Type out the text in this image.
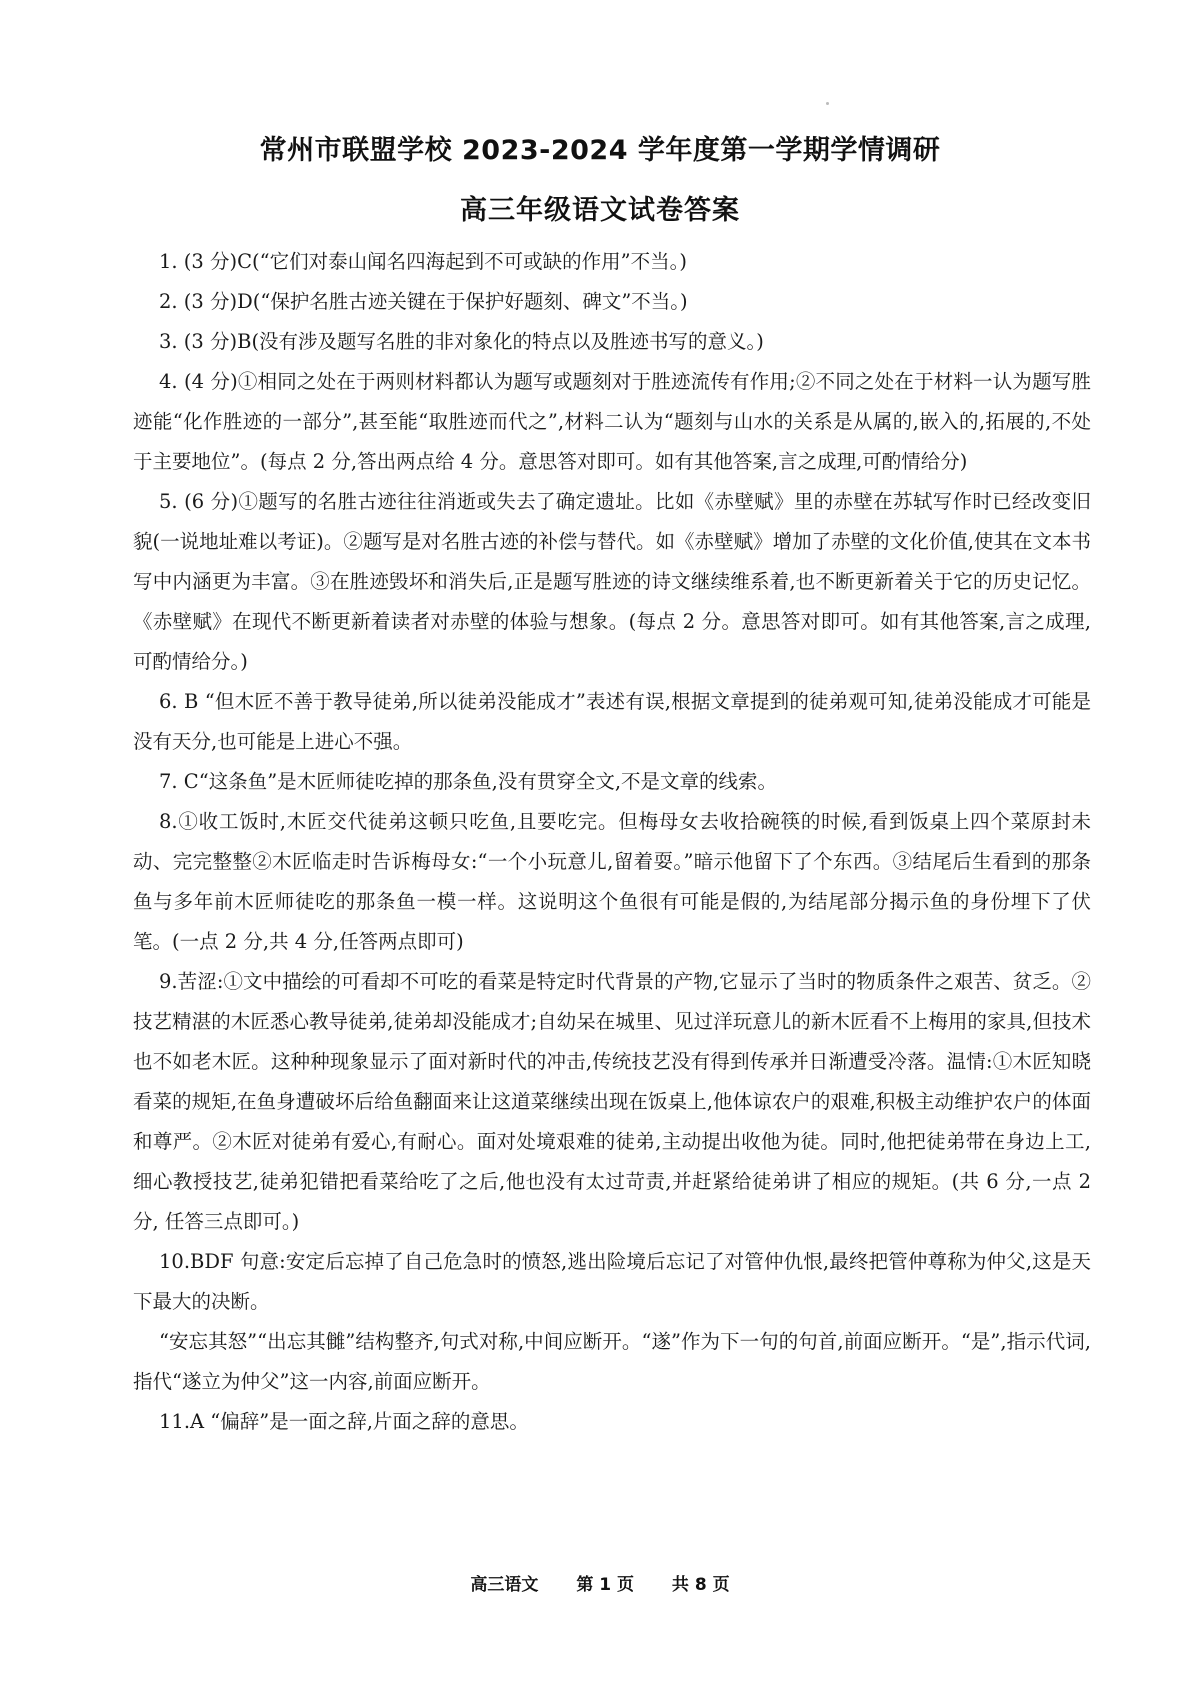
常州市联盟学校 2023-2024 学年度第一学期学情调研
高三年级语文试卷答案

1. (3 分)C(“它们对泰山闻名四海起到不可或缺的作用”不当。)

2. (3 分)D(“保护名胜古迹关键在于保护好题刻、碑文”不当。)

3. (3 分)B(没有涉及题写名胜的非对象化的特点以及胜迹书写的意义。)

4. (4 分)①相同之处在于两则材料都认为题写或题刻对于胜迹流传有作用;②不同之处在于材料一认为题写胜迹能“化作胜迹的一部分”,甚至能“取胜迹而代之”,材料二认为“题刻与山水的关系是从属的,嵌入的,拓展的,不处于主要地位”。(每点 2 分,答出两点给 4 分。意思答对即可。如有其他答案,言之成理,可酌情给分)

5. (6 分)①题写的名胜古迹往往消逝或失去了确定遗址。比如《赤壁赋》里的赤壁在苏轼写作时已经改变旧貌(一说地址难以考证)。②题写是对名胜古迹的补偿与替代。如《赤壁赋》增加了赤壁的文化价值,使其在文本书写中内涵更为丰富。③在胜迹毁坏和消失后,正是题写胜迹的诗文继续维系着,也不断更新着关于它的历史记忆。《赤壁赋》在现代不断更新着读者对赤壁的体验与想象。(每点 2 分。意思答对即可。如有其他答案,言之成理,可酌情给分。)

6. B “但木匠不善于教导徒弟,所以徒弟没能成才”表述有误,根据文章提到的徒弟观可知,徒弟没能成才可能是没有天分,也可能是上进心不强。

7. C“这条鱼”是木匠师徒吃掉的那条鱼,没有贯穿全文,不是文章的线索。

8.①收工饭时,木匠交代徒弟这顿只吃鱼,且要吃完。但梅母女去收拾碗筷的时候,看到饭桌上四个菜原封未动、完完整整②木匠临走时告诉梅母女:“一个小玩意儿,留着耍。”暗示他留下了个东西。③结尾后生看到的那条鱼与多年前木匠师徒吃的那条鱼一模一样。这说明这个鱼很有可能是假的,为结尾部分揭示鱼的身份埋下了伏笔。(一点 2 分,共 4 分,任答两点即可)

9.苦涩:①文中描绘的可看却不可吃的看菜是特定时代背景的产物,它显示了当时的物质条件之艰苦、贫乏。②技艺精湛的木匠悉心教导徒弟,徒弟却没能成才;自幼呆在城里、见过洋玩意儿的新木匠看不上梅用的家具,但技术也不如老木匠。这种种现象显示了面对新时代的冲击,传统技艺没有得到传承并日渐遭受冷落。温情:①木匠知晓看菜的规矩,在鱼身遭破坏后给鱼翻面来让这道菜继续出现在饭桌上,他体谅农户的艰难,积极主动维护农户的体面和尊严。②木匠对徒弟有爱心,有耐心。面对处境艰难的徒弟,主动提出收他为徒。同时,他把徒弟带在身边上工,细心教授技艺,徒弟犯错把看菜给吃了之后,他也没有太过苛责,并赶紧给徒弟讲了相应的规矩。(共 6 分,一点 2 分, 任答三点即可。)

10.BDF 句意:安定后忘掉了自己危急时的愤怒,逃出险境后忘记了对管仲仇恨,最终把管仲尊称为仲父,这是天下最大的决断。

“安忘其怒”“出忘其雠”结构整齐,句式对称,中间应断开。“遂”作为下一句的句首,前面应断开。“是”,指示代词,指代“遂立为仲父”这一内容,前面应断开。

11.A “偏辞”是一面之辞,片面之辞的意思。

高三语文 第 1 页 共 8 页
